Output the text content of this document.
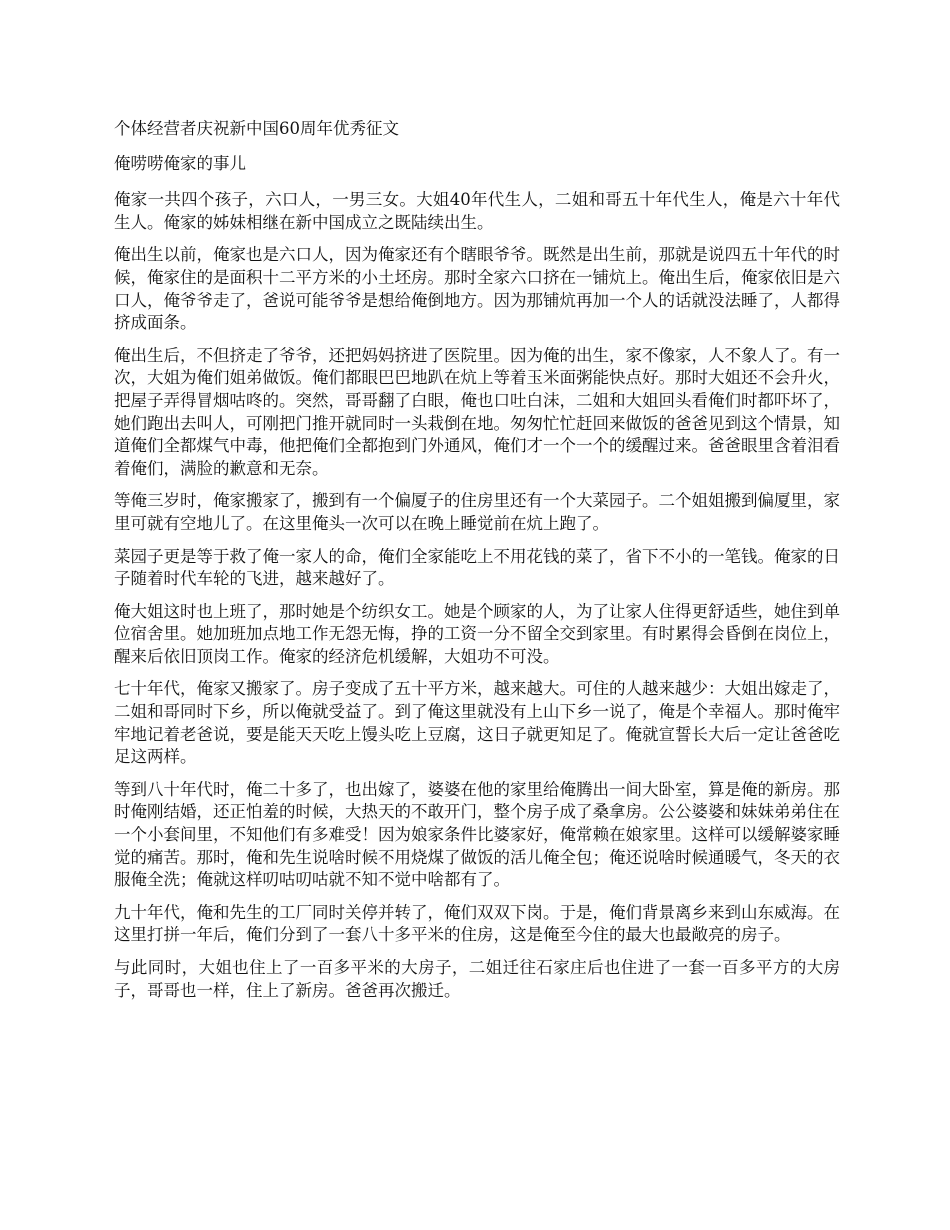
个体经营者庆祝新中国60周年优秀征文

俺唠唠俺家的事儿

俺家一共四个孩子，六口人，一男三女。大姐40年代生人，二姐和哥五十年代生人，俺是六十年代生人。俺家的姊妹相继在新中国成立之既陆续出生。

俺出生以前，俺家也是六口人，因为俺家还有个瞎眼爷爷。既然是出生前，那就是说四五十年代的时候，俺家住的是面积十二平方米的小土坯房。那时全家六口挤在一铺炕上。俺出生后，俺家依旧是六口人，俺爷爷走了，爸说可能爷爷是想给俺倒地方。因为那铺炕再加一个人的话就没法睡了，人都得挤成面条。

俺出生后，不但挤走了爷爷，还把妈妈挤进了医院里。因为俺的出生，家不像家，人不象人了。有一次，大姐为俺们姐弟做饭。俺们都眼巴巴地趴在炕上等着玉米面粥能快点好。那时大姐还不会升火，把屋子弄得冒烟咕咚的。突然，哥哥翻了白眼，俺也口吐白沫，二姐和大姐回头看俺们时都吓坏了，她们跑出去叫人，可刚把门推开就同时一头栽倒在地。匆匆忙忙赶回来做饭的爸爸见到这个情景，知道俺们全都煤气中毒，他把俺们全都抱到门外通风，俺们才一个一个的缓醒过来。爸爸眼里含着泪看着俺们，满脸的歉意和无奈。

等俺三岁时，俺家搬家了，搬到有一个偏厦子的住房里还有一个大菜园子。二个姐姐搬到偏厦里，家里可就有空地儿了。在这里俺头一次可以在晚上睡觉前在炕上跑了。

菜园子更是等于救了俺一家人的命，俺们全家能吃上不用花钱的菜了，省下不小的一笔钱。俺家的日子随着时代车轮的飞进，越来越好了。

俺大姐这时也上班了，那时她是个纺织女工。她是个顾家的人，为了让家人住得更舒适些，她住到单位宿舍里。她加班加点地工作无怨无悔，挣的工资一分不留全交到家里。有时累得会昏倒在岗位上，醒来后依旧顶岗工作。俺家的经济危机缓解，大姐功不可没。

七十年代，俺家又搬家了。房子变成了五十平方米，越来越大。可住的人越来越少：大姐出嫁走了，二姐和哥同时下乡，所以俺就受益了。到了俺这里就没有上山下乡一说了，俺是个幸福人。那时俺牢牢地记着老爸说，要是能天天吃上馒头吃上豆腐，这日子就更知足了。俺就宣誓长大后一定让爸爸吃足这两样。

等到八十年代时，俺二十多了，也出嫁了，婆婆在他的家里给俺腾出一间大卧室，算是俺的新房。那时俺刚结婚，还正怕羞的时候，大热天的不敢开门，整个房子成了桑拿房。公公婆婆和妹妹弟弟住在一个小套间里，不知他们有多难受！因为娘家条件比婆家好，俺常赖在娘家里。这样可以缓解婆家睡觉的痛苦。那时，俺和先生说啥时候不用烧煤了做饭的活儿俺全包；俺还说啥时候通暖气，冬天的衣服俺全洗；俺就这样叨咕叨咕就不知不觉中啥都有了。

九十年代，俺和先生的工厂同时关停并转了，俺们双双下岗。于是，俺们背景离乡来到山东威海。在这里打拼一年后，俺们分到了一套八十多平米的住房，这是俺至今住的最大也最敞亮的房子。

与此同时，大姐也住上了一百多平米的大房子，二姐迁往石家庄后也住进了一套一百多平方的大房子，哥哥也一样，住上了新房。爸爸再次搬迁。
